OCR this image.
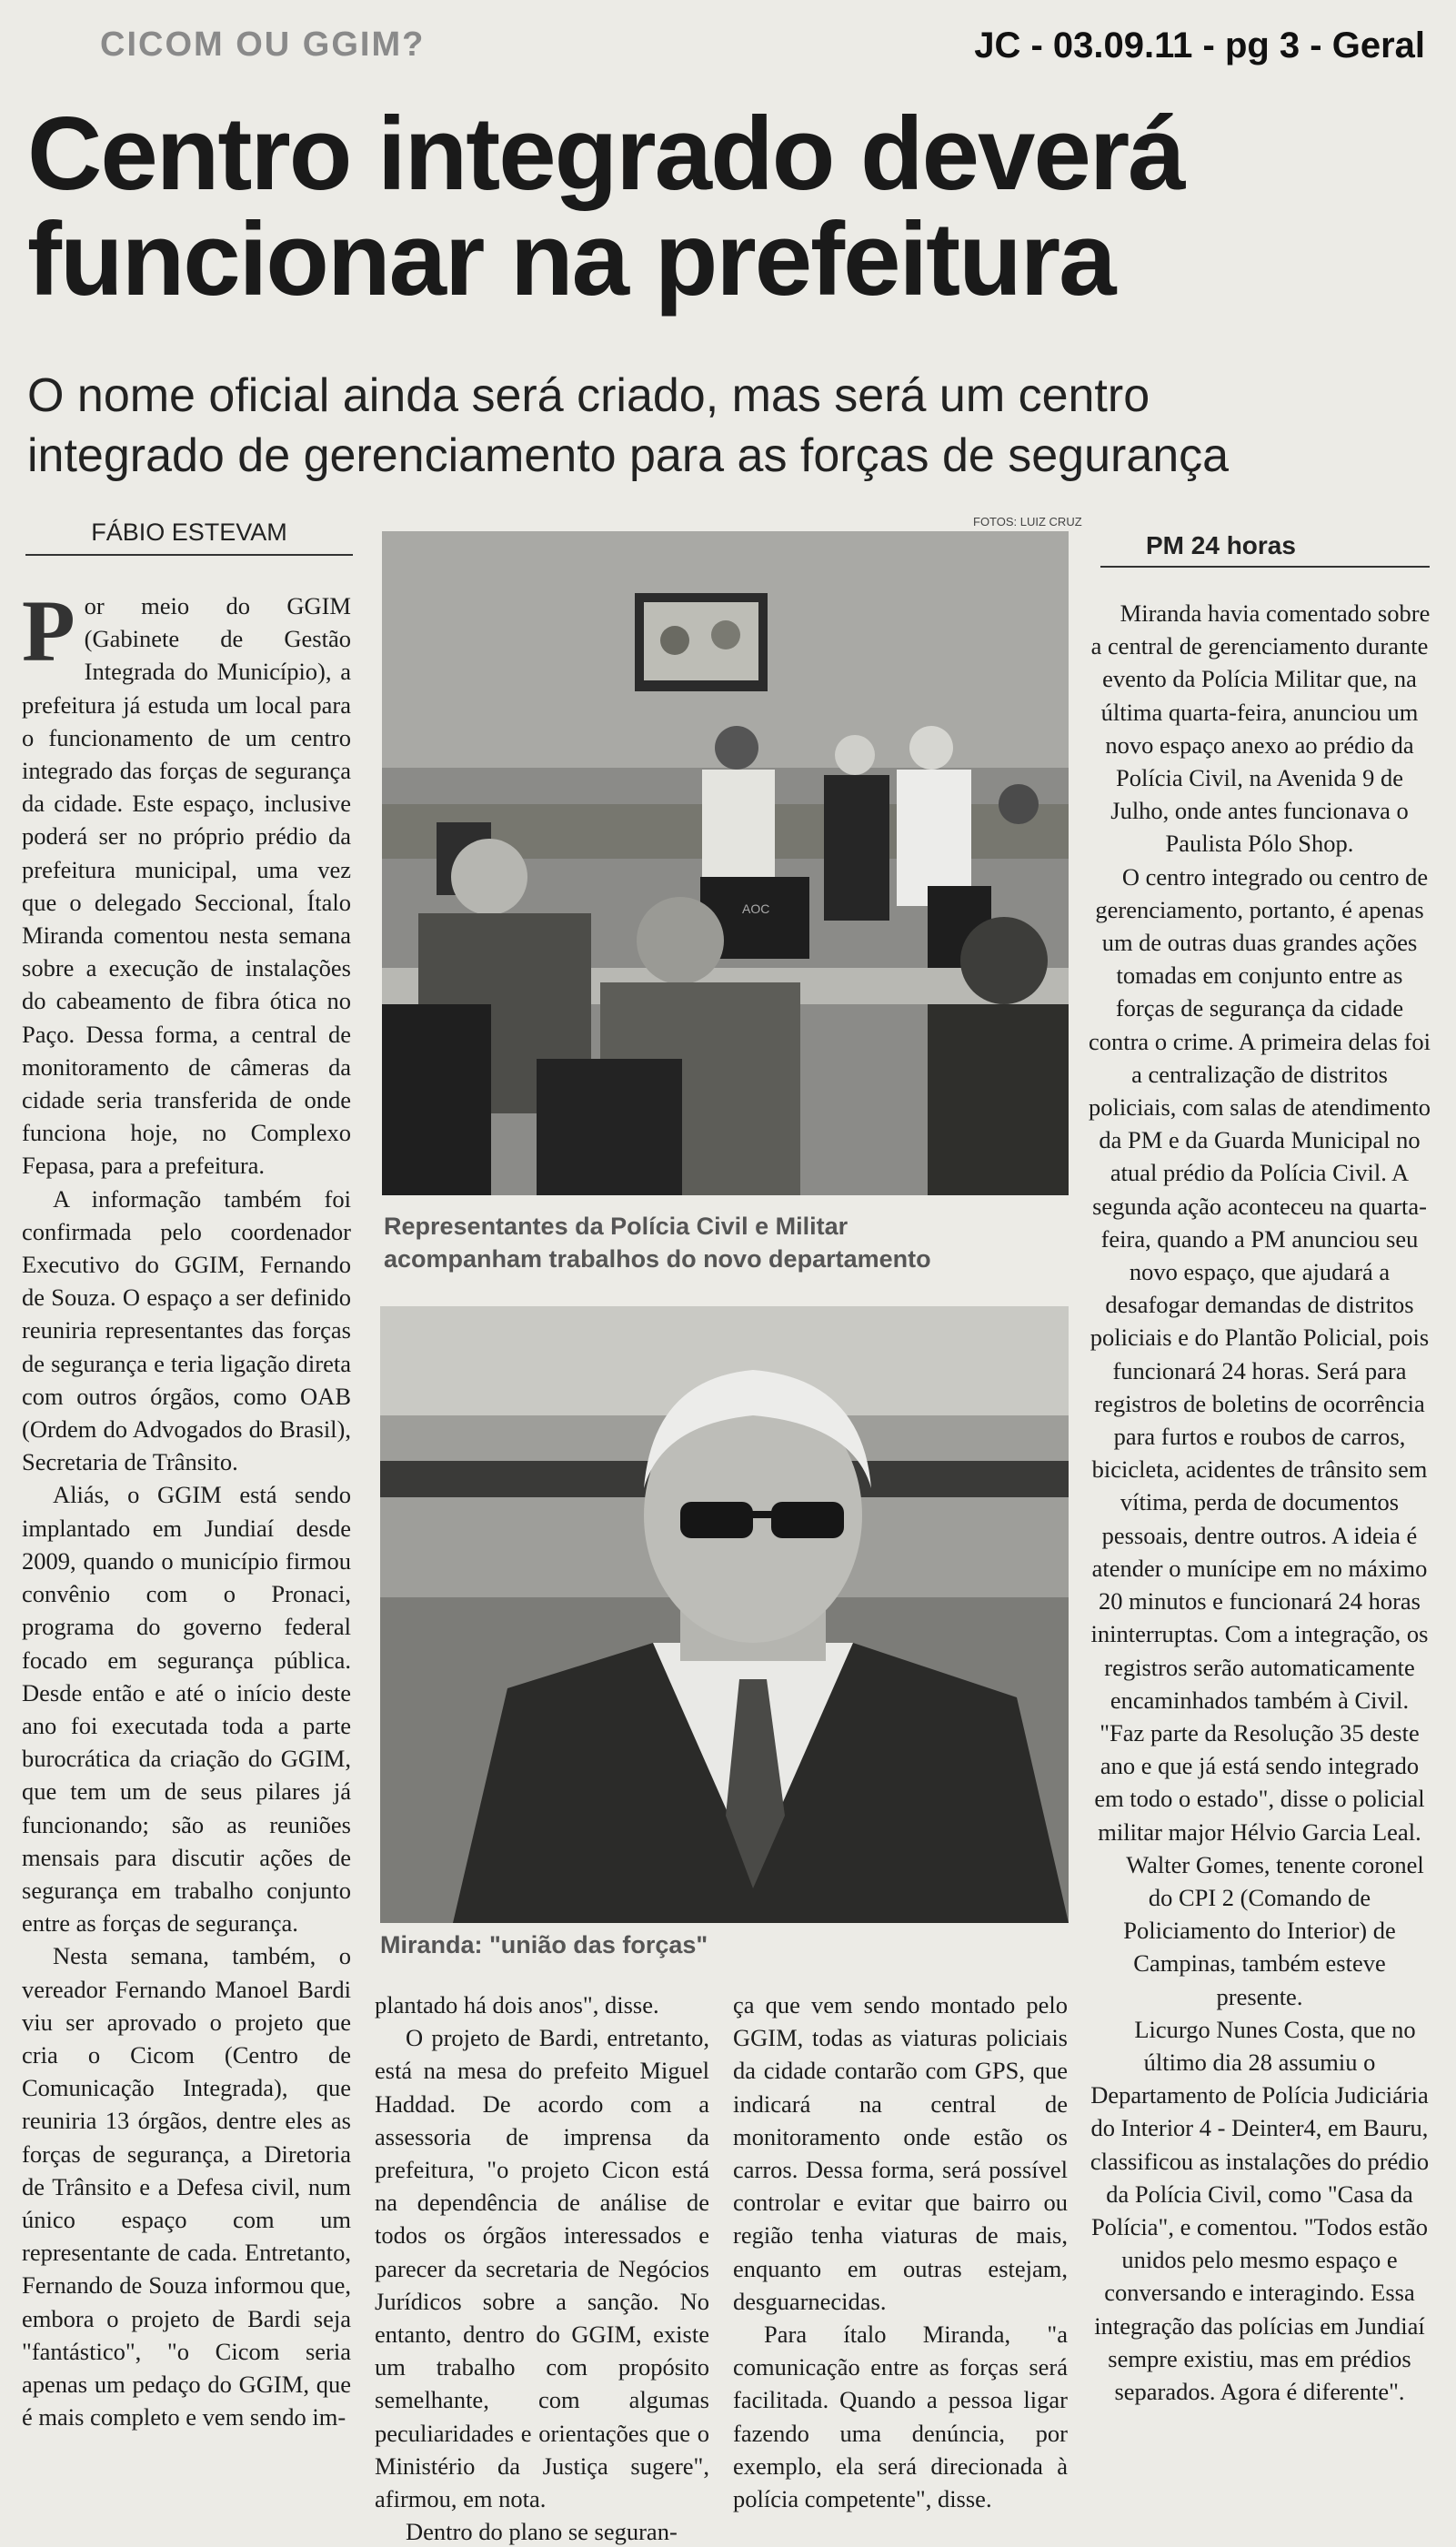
CICOM OU GGIM?	JC - 03.09.11 - pg 3 - Geral
Centro integrado deverá
funcionar na prefeitura
O nome oficial ainda será criado, mas será um centro
integrado de gerenciamento para as forças de segurança
FÁBIO ESTEVAM	FOTOS: LUIZ CRUZ
PM 24 horas

Por meio do GGIM (Gabinete de Gestão Integrada do Município), a prefeitura já estuda um local para o funcionamento de um centro integrado das forças de segurança da cidade. Este espaço, inclusive poderá ser no próprio prédio da prefeitura municipal, uma vez que o delegado Seccional, Ítalo Miranda comentou nesta semana sobre a execução de instalações do cabeamento de fibra ótica no Paço. Dessa forma, a central de monitoramento de câmeras da cidade seria transferida de onde funciona hoje, no Complexo Fepasa, para a prefeitura.

A informação também foi confirmada pelo coordenador Executivo do GGIM, Fernando de Souza. O espaço a ser definido reuniria representantes das forças de segurança e teria ligação direta com outros órgãos, como OAB (Ordem do Advogados do Brasil), Secretaria de Trânsito.

Aliás, o GGIM está sendo implantado em Jundiaí desde 2009, quando o município firmou convênio com o Pronaci, programa do governo federal focado em segurança pública. Desde então e até o início deste ano foi executada toda a parte burocrática da criação do GGIM, que tem um de seus pilares já funcionando; são as reuniões mensais para discutir ações de segurança em trabalho conjunto entre as forças de segurança.

Nesta semana, também, o vereador Fernando Manoel Bardi viu ser aprovado o projeto que cria o Cicom (Centro de Comunicação Integrada), que reuniria 13 órgãos, dentre eles as forças de segurança, a Diretoria de Trânsito e a Defesa civil, num único espaço com um representante de cada. Entretanto, Fernando de Souza informou que, embora o projeto de Bardi seja "fantástico", "o Cicom seria apenas um pedaço do GGIM, que é mais completo e vem sendo im-

AOC
Representantes da Polícia Civil e Militar
acompanham trabalhos do novo departamento
Miranda: "união das forças"

plantado há dois anos", disse.

O projeto de Bardi, entretanto, está na mesa do prefeito Miguel Haddad. De acordo com a assessoria de imprensa da prefeitura, "o projeto Cicon está na dependência de análise de todos os órgãos interessados e parecer da secretaria de Negócios Jurídicos sobre a sanção. No entanto, dentro do GGIM, existe um trabalho com propósito semelhante, com algumas peculiaridades e orientações que o Ministério da Justiça sugere", afirmou, em nota.

Dentro do plano se seguran-

ça que vem sendo montado pelo GGIM, todas as viaturas policiais da cidade contarão com GPS, que indicará na central de monitoramento onde estão os carros. Dessa forma, será possível controlar e evitar que bairro ou região tenha viaturas de mais, enquanto em outras estejam, desguarnecidas.

Para ítalo Miranda, "a comunicação entre as forças será facilitada. Quando a pessoa ligar fazendo uma denúncia, por exemplo, ela será direcionada à polícia competente", disse.

Miranda havia comentado sobre a central de gerenciamento durante evento da Polícia Militar que, na última quarta-feira, anunciou um novo espaço anexo ao prédio da Polícia Civil, na Avenida 9 de Julho, onde antes funcionava o Paulista Pólo Shop.

O centro integrado ou centro de gerenciamento, portanto, é apenas um de outras duas grandes ações tomadas em conjunto entre as forças de segurança da cidade contra o crime. A primeira delas foi a centralização de distritos policiais, com salas de atendimento da PM e da Guarda Municipal no atual prédio da Polícia Civil. A segunda ação aconteceu na quarta-feira, quando a PM anunciou seu novo espaço, que ajudará a desafogar demandas de distritos policiais e do Plantão Policial, pois funcionará 24 horas. Será para registros de boletins de ocorrência para furtos e roubos de carros, bicicleta, acidentes de trânsito sem vítima, perda de documentos pessoais, dentre outros. A ideia é atender o munícipe em no máximo 20 minutos e funcionará 24 horas ininterruptas. Com a integração, os registros serão automaticamente encaminhados também à Civil. "Faz parte da Resolução 35 deste ano e que já está sendo integrado em todo o estado", disse o policial militar major Hélvio Garcia Leal.

Walter Gomes, tenente coronel do CPI 2 (Comando de Policiamento do Interior) de Campinas, também esteve presente.

Licurgo Nunes Costa, que no último dia 28 assumiu o Departamento de Polícia Judiciária do Interior 4 - Deinter4, em Bauru, classificou as instalações do prédio da Polícia Civil, como "Casa da Polícia", e comentou. "Todos estão unidos pelo mesmo espaço e conversando e interagindo. Essa integração das polícias em Jundiaí sempre existiu, mas em prédios separados. Agora é diferente".
